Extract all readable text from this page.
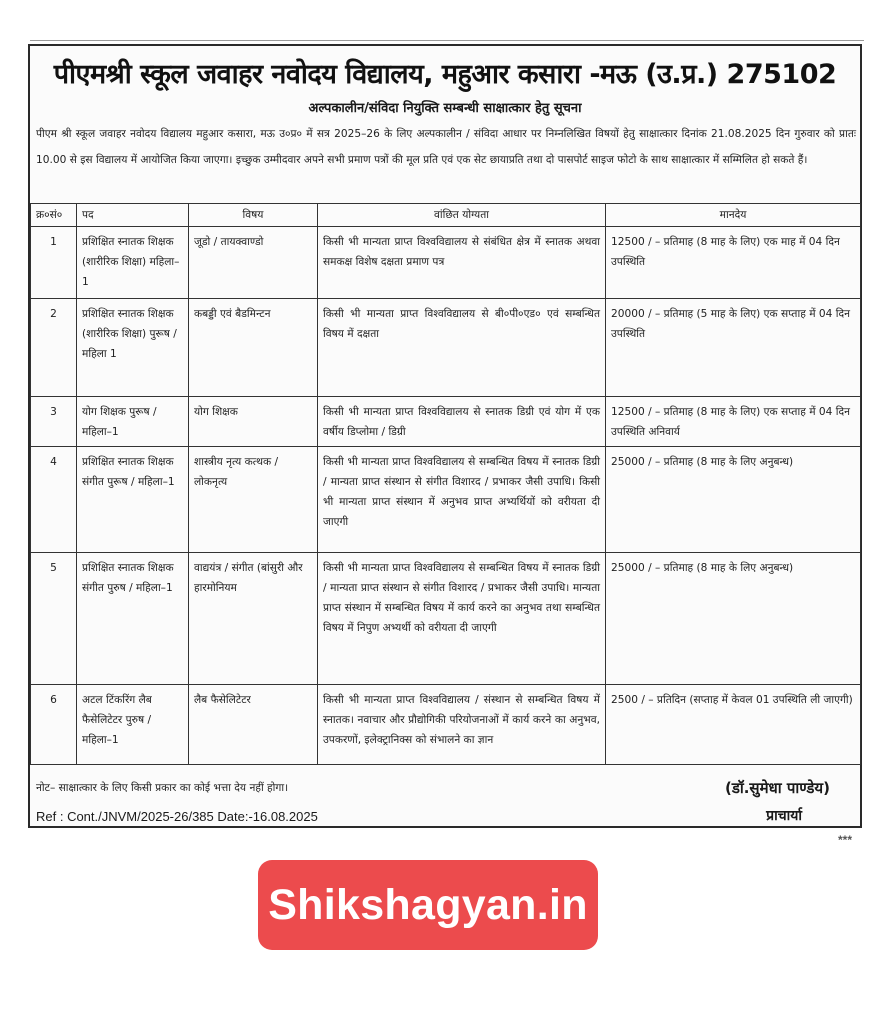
पीएमश्री स्कूल जवाहर नवोदय विद्यालय, महुआर कसारा -मऊ (उ.प्र.) 275102
अल्पकालीन/संविदा नियुक्ति सम्बन्धी साक्षात्कार हेतु सूचना
पीएम श्री स्कूल जवाहर नवोदय विद्यालय महुआर कसारा, मऊ उ०प्र० में सत्र 2025–26 के लिए अल्पकालीन / संविदा आधार पर निम्नलिखित विषयों हेतु साक्षात्कार दिनांक 21.08.2025 दिन गुरुवार को प्रातः 10.00 से इस विद्यालय में आयोजित किया जाएगा। इच्छुक उम्मीदवार अपने सभी प्रमाण पत्रों की मूल प्रति एवं एक सेट छायाप्रति तथा दो पासपोर्ट साइज फोटो के साथ साक्षात्कार में सम्मिलित हो सकते हैं।
क्र०सं०	पद	विषय	वांछित योग्यता	मानदेय
1	प्रशिक्षित स्नातक शिक्षक (शारीरिक शिक्षा) महिला–1	जूडो / तायक्वाण्डो	किसी भी मान्यता प्राप्त विश्वविद्यालय से संबंधित क्षेत्र में स्नातक अथवा समकक्ष विशेष दक्षता प्रमाण पत्र	12500 / – प्रतिमाह (8 माह के लिए) एक माह में 04 दिन उपस्थिति
2	प्रशिक्षित स्नातक शिक्षक (शारीरिक शिक्षा) पुरूष / महिला 1	कबड्डी एवं बैडमिन्टन	किसी भी मान्यता प्राप्त विश्वविद्यालय से बी०पी०एड० एवं सम्बन्धित विषय में दक्षता	20000 / – प्रतिमाह (5 माह के लिए) एक सप्ताह में 04 दिन उपस्थिति
3	योग शिक्षक पुरूष / महिला–1	योग शिक्षक	किसी भी मान्यता प्राप्त विश्वविद्यालय से स्नातक डिग्री एवं योग में एक वर्षीय डिप्लोमा / डिग्री	12500 / – प्रतिमाह (8 माह के लिए) एक सप्ताह में 04 दिन उपस्थिति अनिवार्य
4	प्रशिक्षित स्नातक शिक्षक संगीत पुरूष / महिला–1	शास्त्रीय नृत्य कत्थक / लोकनृत्य	किसी भी मान्यता प्राप्त विश्वविद्यालय से सम्बन्धित विषय में स्नातक डिग्री / मान्यता प्राप्त संस्थान से संगीत विशारद / प्रभाकर जैसी उपाधि। किसी भी मान्यता प्राप्त संस्थान में अनुभव प्राप्त अभ्यर्थियों को वरीयता दी जाएगी	25000 / – प्रतिमाह (8 माह के लिए अनुबन्ध)
5	प्रशिक्षित स्नातक शिक्षक संगीत पुरुष / महिला–1	वाद्ययंत्र / संगीत (बांसुरी और हारमोनियम	किसी भी मान्यता प्राप्त विश्वविद्यालय से सम्बन्धित विषय में स्नातक डिग्री / मान्यता प्राप्त संस्थान से संगीत विशारद / प्रभाकर जैसी उपाधि। मान्यता प्राप्त संस्थान में सम्बन्धित विषय में कार्य करने का अनुभव तथा सम्बन्धित विषय में निपुण अभ्यर्थी को वरीयता दी जाएगी	25000 / – प्रतिमाह (8 माह के लिए अनुबन्ध)
6	अटल टिंकरिंग लैब फैसेलिटेटर पुरुष / महिला–1	लैब फैसेलिटेटर	किसी भी मान्यता प्राप्त विश्वविद्यालय / संस्थान से सम्बन्धित विषय में स्नातक। नवाचार और प्रौद्योगिकी परियोजनाओं में कार्य करने का अनुभव, उपकरणों, इलेक्ट्रानिक्स को संभालने का ज्ञान	2500 / – प्रतिदिन (सप्ताह में केवल 01 उपस्थिति ली जाएगी)
नोट– साक्षात्कार के लिए किसी प्रकार का कोई भत्ता देय नहीं होगा।	(डॉ.सुमेधा पाण्डेय)
Ref : Cont./JNVM/2025-26/385 Date:-16.08.2025	प्राचार्या
***
Shikshagyan.in
